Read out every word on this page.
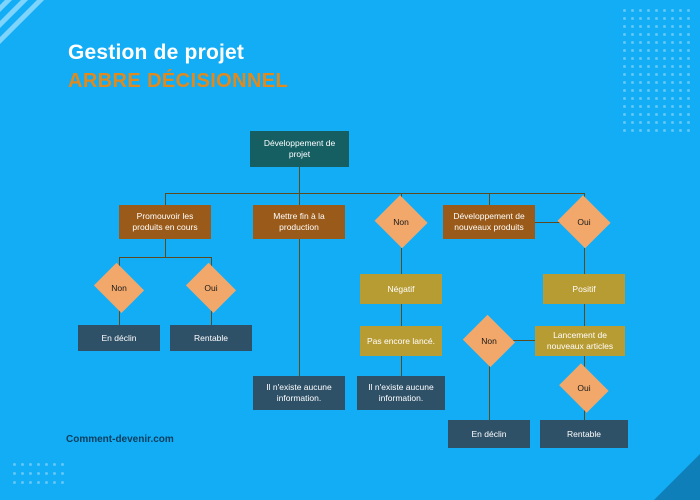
Gestion de projet
ARBRE DÉCISIONNEL
Comment-devenir.com
Développement de projet
Promouvoir les produits en cours
Mettre fin à la production	Non
Développement de nouveaux produits	Oui
Non	Oui
En déclin	Rentable
Négatif	Positif
Pas encore lancé.
Lancement de nouveaux articles
Non
Oui
Il n'existe aucune information.
Il n'existe aucune information.
En déclin	Rentable
